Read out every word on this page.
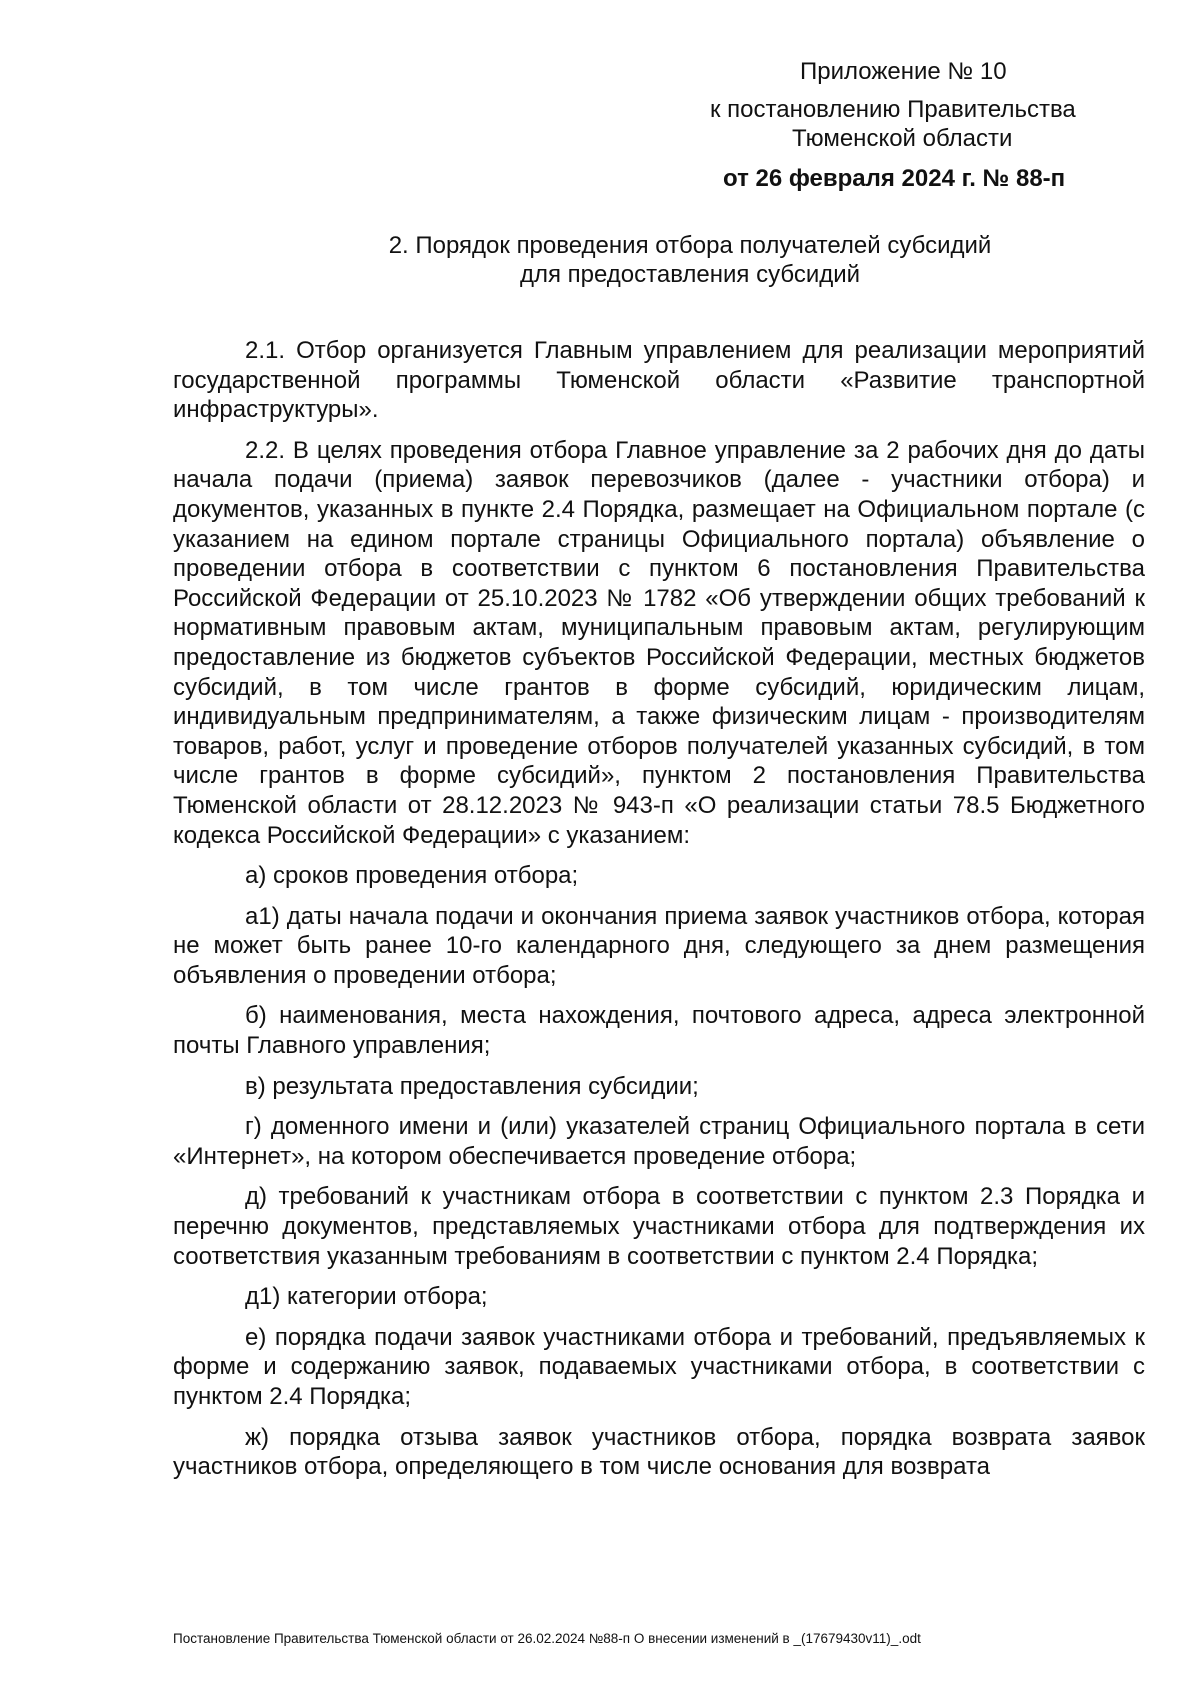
Приложение № 10
к постановлению Правительства
Тюменской области
от 26 февраля 2024 г. № 88-п
2. Порядок проведения отбора получателей субсидий
для предоставления субсидий

2.1. Отбор организуется Главным управлением для реализации мероприятий государственной программы Тюменской области «Развитие транспортной инфраструктуры».

2.2. В целях проведения отбора Главное управление за 2 рабочих дня до даты начала подачи (приема) заявок перевозчиков (далее - участники отбора) и документов, указанных в пункте 2.4 Порядка, размещает на Официальном портале (с указанием на едином портале страницы Официального портала) объявление о проведении отбора в соответствии с пунктом 6 постановления Правительства Российской Федерации от 25.10.2023 № 1782 «Об утверждении общих требований к нормативным правовым актам, муниципальным правовым актам, регулирующим предоставление из бюджетов субъектов Российской Федерации, местных бюджетов субсидий, в том числе грантов в форме субсидий, юридическим лицам, индивидуальным предпринимателям, а также физическим лицам - производителям товаров, работ, услуг и проведение отборов получателей указанных субсидий, в том числе грантов в форме субсидий», пунктом 2 постановления Правительства Тюменской области от 28.12.2023 № 943-п «О реализации статьи 78.5 Бюджетного кодекса Российской Федерации» с указанием:

а) сроков проведения отбора;

а1) даты начала подачи и окончания приема заявок участников отбора, которая не может быть ранее 10-го календарного дня, следующего за днем размещения объявления о проведении отбора;

б) наименования, места нахождения, почтового адреса, адреса электронной почты Главного управления;

в) результата предоставления субсидии;

г) доменного имени и (или) указателей страниц Официального портала в сети «Интернет», на котором обеспечивается проведение отбора;

д) требований к участникам отбора в соответствии с пунктом 2.3 Порядка и перечню документов, представляемых участниками отбора для подтверждения их соответствия указанным требованиям в соответствии с пунктом 2.4 Порядка;

д1) категории отбора;

е) порядка подачи заявок участниками отбора и требований, предъявляемых к форме и содержанию заявок, подаваемых участниками отбора, в соответствии с пунктом 2.4 Порядка;

ж) порядка отзыва заявок участников отбора, порядка возврата заявок участников отбора, определяющего в том числе основания для возврата

Постановление Правительства Тюменской области от 26.02.2024 №88-п О внесении изменений в _(17679430v11)_.odt
